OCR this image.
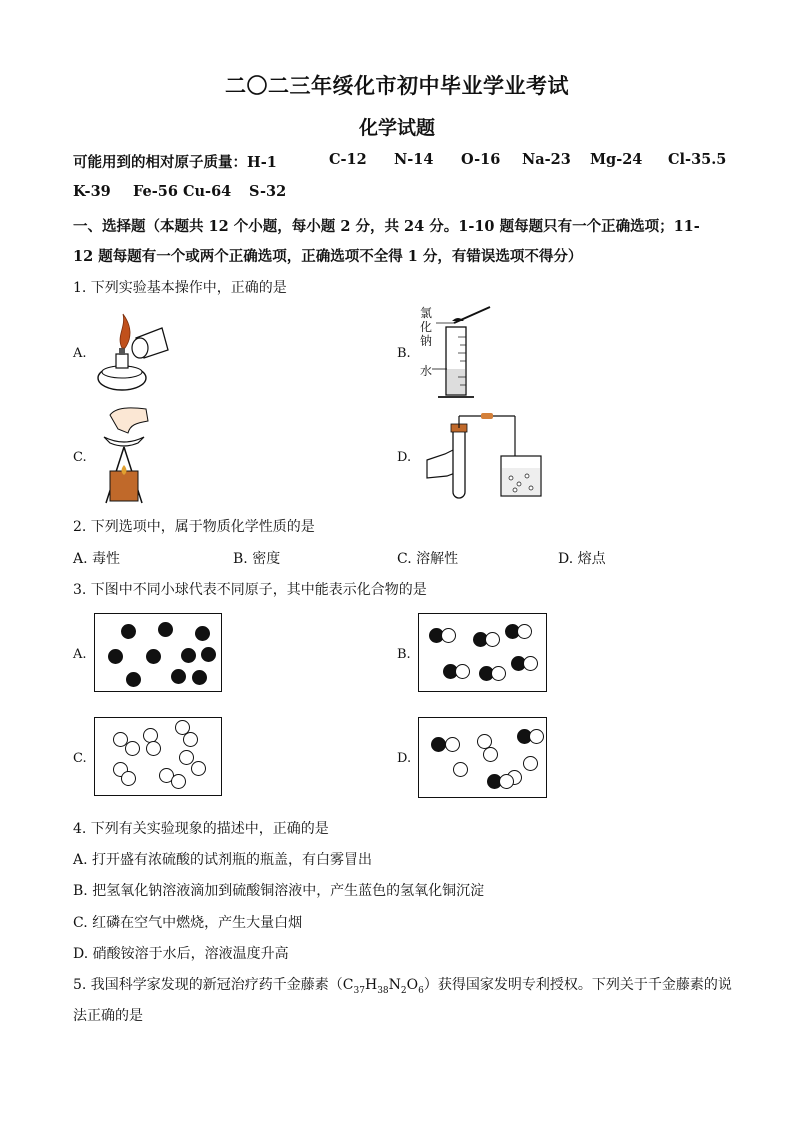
二〇二三年绥化市初中毕业学业考试
化学试题
可能用到的相对原子质量：H-1	C-12 N-14 O-16 Na-23 Mg-24 Cl-35.5
K-39 Fe-56 Cu-64 S-32
一、选择题（本题共 12 个小题，每小题 2 分，共 24 分。1-10 题每题只有一个正确选项；11-
12 题每题有一个或两个正确选项，正确选项不全得 1 分，有错误选项不得分）
1. 下列实验基本操作中，正确的是
A.	B.
氯化钠
水
C.	D.
2. 下列选项中，属于物质化学性质的是
A. 毒性	B. 密度	C. 溶解性	D. 熔点
3. 下图中不同小球代表不同原子，其中能表示化合物的是
A.	B.
C.	D.
4. 下列有关实验现象的描述中，正确的是
A. 打开盛有浓硫酸的试剂瓶的瓶盖，有白雾冒出
B. 把氢氧化钠溶液滴加到硫酸铜溶液中，产生蓝色的氢氧化铜沉淀
C. 红磷在空气中燃烧，产生大量白烟
D. 硝酸铵溶于水后，溶液温度升高
5. 我国科学家发现的新冠治疗药千金藤素$(C_{37}H_{38}N_2O_6)$获得国家发明专利授权。下列关于千金藤素的说
法正确的是
